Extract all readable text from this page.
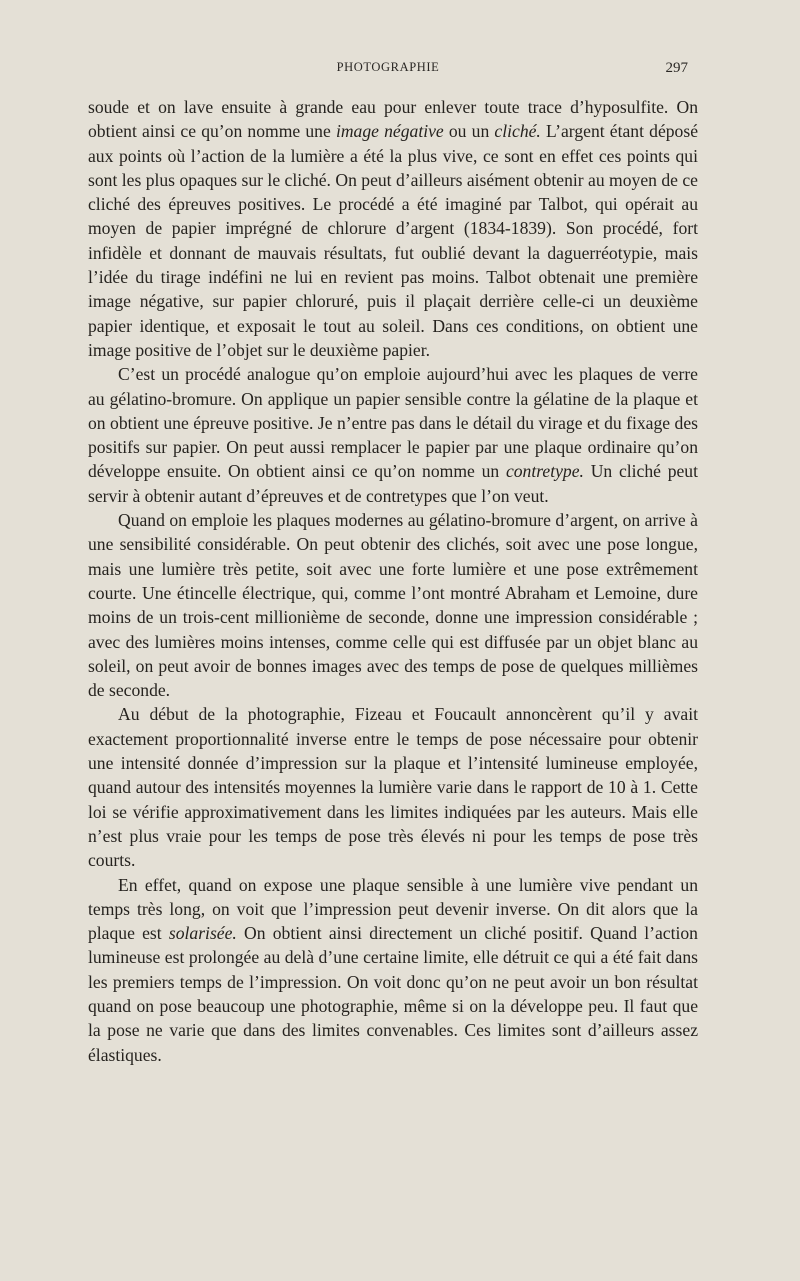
PHOTOGRAPHIE	297

soude et on lave ensuite à grande eau pour enlever toute trace d’hyposulfite. On obtient ainsi ce qu’on nomme une image négative ou un cliché. L’argent étant déposé aux points où l’action de la lumière a été la plus vive, ce sont en effet ces points qui sont les plus opaques sur le cliché. On peut d’ailleurs aisément obtenir au moyen de ce cliché des épreuves positives. Le procédé a été imaginé par Talbot, qui opérait au moyen de papier imprégné de chlorure d’argent (1834-1839). Son procédé, fort infidèle et donnant de mauvais résultats, fut oublié devant la daguerréotypie, mais l’idée du tirage indéfini ne lui en revient pas moins. Talbot obtenait une première image négative, sur papier chloruré, puis il plaçait derrière celle-ci un deuxième papier identique, et exposait le tout au soleil. Dans ces conditions, on obtient une image positive de l’objet sur le deuxième papier.

C’est un procédé analogue qu’on emploie aujourd’hui avec les plaques de verre au gélatino-bromure. On applique un papier sensible contre la gélatine de la plaque et on obtient une épreuve positive. Je n’entre pas dans le détail du virage et du fixage des positifs sur papier. On peut aussi remplacer le papier par une plaque ordinaire qu’on développe ensuite. On obtient ainsi ce qu’on nomme un contretype. Un cliché peut servir à obtenir autant d’épreuves et de contretypes que l’on veut.

Quand on emploie les plaques modernes au gélatino-bromure d’argent, on arrive à une sensibilité considérable. On peut obtenir des clichés, soit avec une pose longue, mais une lumière très petite, soit avec une forte lumière et une pose extrêmement courte. Une étincelle électrique, qui, comme l’ont montré Abraham et Lemoine, dure moins de un trois-cent millionième de seconde, donne une impression considérable ; avec des lumières moins intenses, comme celle qui est diffusée par un objet blanc au soleil, on peut avoir de bonnes images avec des temps de pose de quelques millièmes de seconde.

Au début de la photographie, Fizeau et Foucault annoncèrent qu’il y avait exactement proportionnalité inverse entre le temps de pose nécessaire pour obtenir une intensité donnée d’impression sur la plaque et l’intensité lumineuse employée, quand autour des intensités moyennes la lumière varie dans le rapport de 10 à 1. Cette loi se vérifie approximativement dans les limites indiquées par les auteurs. Mais elle n’est plus vraie pour les temps de pose très élevés ni pour les temps de pose très courts.

En effet, quand on expose une plaque sensible à une lumière vive pendant un temps très long, on voit que l’impression peut devenir inverse. On dit alors que la plaque est solarisée. On obtient ainsi directement un cliché positif. Quand l’action lumineuse est prolongée au delà d’une certaine limite, elle détruit ce qui a été fait dans les premiers temps de l’impression. On voit donc qu’on ne peut avoir un bon résultat quand on pose beaucoup une photographie, même si on la développe peu. Il faut que la pose ne varie que dans des limites convenables. Ces limites sont d’ailleurs assez élastiques.
